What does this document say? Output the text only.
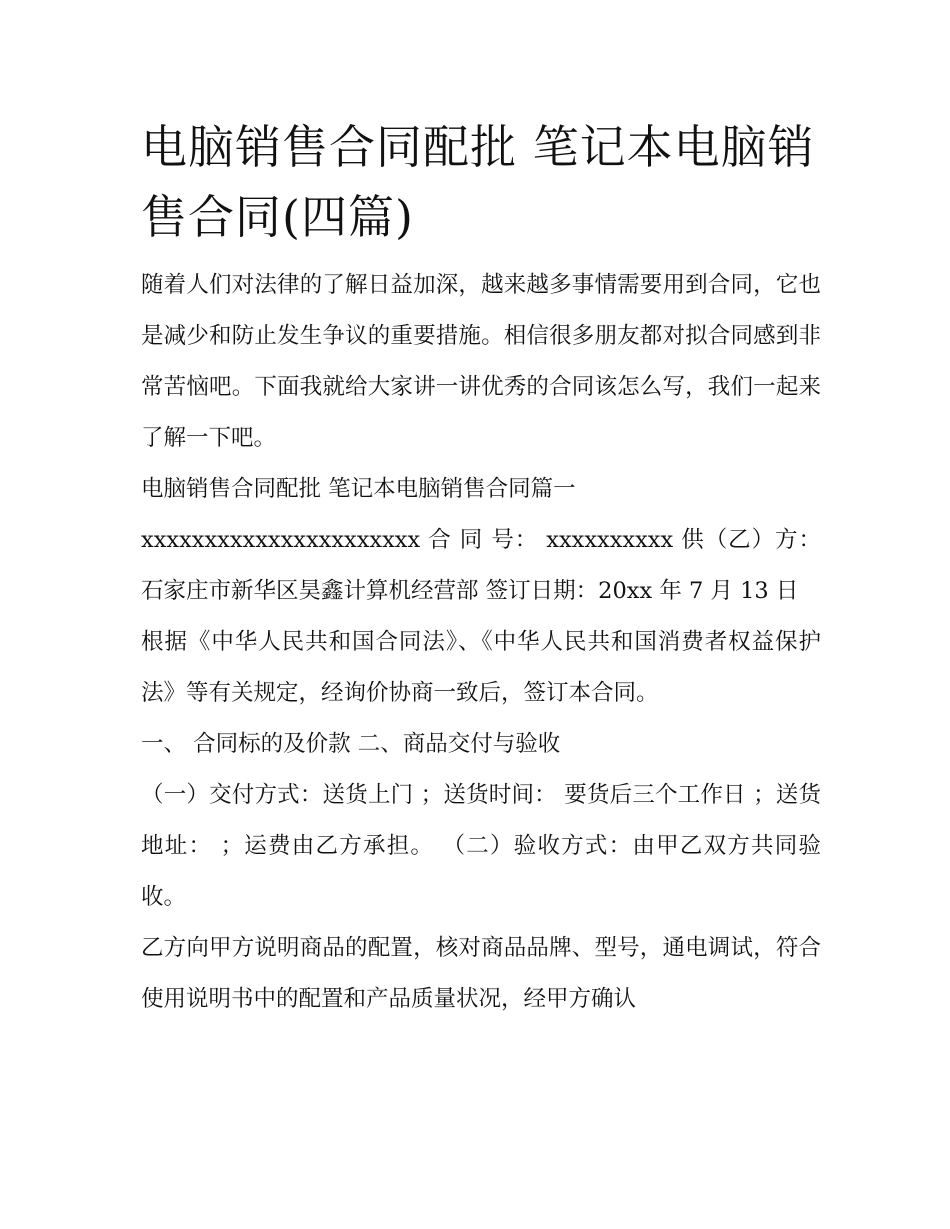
电脑销售合同配批 笔记本电脑销售合同(四篇)

随着人们对法律的了解日益加深，越来越多事情需要用到合同，它也是减少和防止发生争议的重要措施。相信很多朋友都对拟合同感到非常苦恼吧。下面我就给大家讲一讲优秀的合同该怎么写，我们一起来了解一下吧。

电脑销售合同配批 笔记本电脑销售合同篇一

xxxxxxxxxxxxxxxxxxxxxx 合 同 号： xxxxxxxxxx 供（乙）方：石家庄市新华区昊鑫计算机经营部 签订日期：20xx 年 7 月 13 日

根据《中华人民共和国合同法》、《中华人民共和国消费者权益保护法》等有关规定，经询价协商一致后，签订本合同。

一、 合同标的及价款 二、商品交付与验收

（一）交付方式：送货上门 ；送货时间： 要货后三个工作日 ；送货地址： ；运费由乙方承担。 （二）验收方式：由甲乙双方共同验收。

乙方向甲方说明商品的配置，核对商品品牌、型号，通电调试，符合使用说明书中的配置和产品质量状况，经甲方确认
